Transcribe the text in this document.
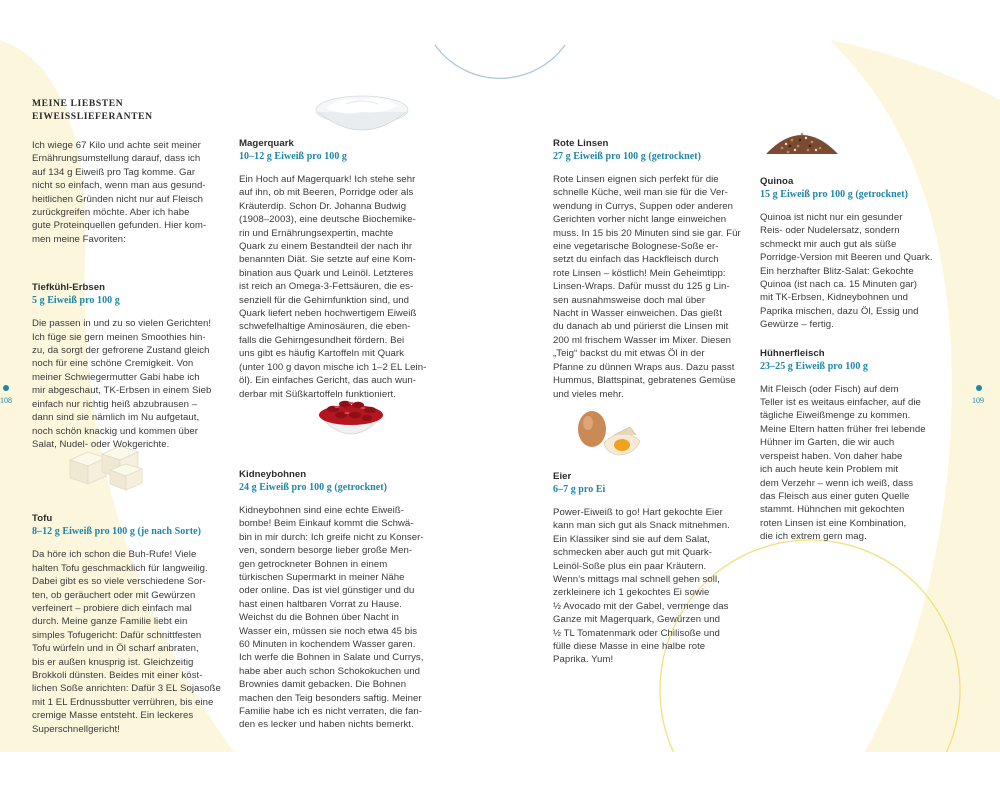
108	109
MEINE LIEBSTEN
EIWEISSLIEFERANTEN

Ich wiege 67 Kilo und achte seit meiner
Ernährungsumstellung darauf, dass ich
auf 134 g Eiweiß pro Tag komme. Gar
nicht so einfach, wenn man aus gesund-
heitlichen Gründen nicht nur auf Fleisch
zurückgreifen möchte. Aber ich habe
gute Proteinquellen gefunden. Hier kom-
men meine Favoriten:

Tiefkühl-Erbsen
5 g Eiweiß pro 100 g

Die passen in und zu so vielen Gerichten!
Ich füge sie gern meinen Smoothies hin-
zu, da sorgt der gefrorene Zustand gleich
noch für eine schöne Cremigkeit. Von
meiner Schwiegermutter Gabi habe ich
mir abgeschaut, TK-Erbsen in einem Sieb
einfach nur richtig heiß abzubrausen –
dann sind sie nämlich im Nu aufgetaut,
noch schön knackig und kommen über
Salat, Nudel- oder Wokgerichte.

Tofu
8–12 g Eiweiß pro 100 g (je nach Sorte)

Da höre ich schon die Buh-Rufe! Viele
halten Tofu geschmacklich für langweilig.
Dabei gibt es so viele verschiedene Sor-
ten, ob geräuchert oder mit Gewürzen
verfeinert – probiere dich einfach mal
durch. Meine ganze Familie liebt ein
simples Tofugericht: Dafür schnittfesten
Tofu würfeln und in Öl scharf anbraten,
bis er außen knusprig ist. Gleichzeitig
Brokkoli dünsten. Beides mit einer köst-
lichen Soße anrichten: Dafür 3 EL Sojasoße
mit 1 EL Erdnussbutter verrühren, bis eine
cremige Masse entsteht. Ein leckeres
Superschnellgericht!

Magerquark
10–12 g Eiweiß pro 100 g

Ein Hoch auf Magerquark! Ich stehe sehr
auf ihn, ob mit Beeren, Porridge oder als
Kräuterdip. Schon Dr. Johanna Budwig
(1908–2003), eine deutsche Biochemike-
rin und Ernährungsexpertin, machte
Quark zu einem Bestandteil der nach ihr
benannten Diät. Sie setzte auf eine Kom-
bination aus Quark und Leinöl. Letzteres
ist reich an Omega-3-Fettsäuren, die es-
senziell für die Gehirnfunktion sind, und
Quark liefert neben hochwertigem Eiweiß
schwefelhaltige Aminosäuren, die eben-
falls die Gehirngesundheit fördern. Bei
uns gibt es häufig Kartoffeln mit Quark
(unter 100 g davon mische ich 1–2 EL Lein-
öl). Ein einfaches Gericht, das auch wun-
derbar mit Süßkartoffeln funktioniert.

Kidneybohnen
24 g Eiweiß pro 100 g (getrocknet)

Kidneybohnen sind eine echte Eiweiß-
bombe! Beim Einkauf kommt die Schwä-
bin in mir durch: Ich greife nicht zu Konser-
ven, sondern besorge lieber große Men-
gen getrockneter Bohnen in einem
türkischen Supermarkt in meiner Nähe
oder online. Das ist viel günstiger und du
hast einen haltbaren Vorrat zu Hause.
Weichst du die Bohnen über Nacht in
Wasser ein, müssen sie noch etwa 45 bis
60 Minuten in kochendem Wasser garen.
Ich werfe die Bohnen in Salate und Currys,
habe aber auch schon Schokokuchen und
Brownies damit gebacken. Die Bohnen
machen den Teig besonders saftig. Meiner
Familie habe ich es nicht verraten, die fan-
den es lecker und haben nichts bemerkt.

Rote Linsen
27 g Eiweiß pro 100 g (getrocknet)

Rote Linsen eignen sich perfekt für die
schnelle Küche, weil man sie für die Ver-
wendung in Currys, Suppen oder anderen
Gerichten vorher nicht lange einweichen
muss. In 15 bis 20 Minuten sind sie gar. Für
eine vegetarische Bolognese-Soße er-
setzt du einfach das Hackfleisch durch
rote Linsen – köstlich! Mein Geheimtipp:
Linsen-Wraps. Dafür musst du 125 g Lin-
sen ausnahmsweise doch mal über
Nacht in Wasser einweichen. Das gießt
du danach ab und pürierst die Linsen mit
200 ml frischem Wasser im Mixer. Diesen
„Teig“ backst du mit etwas Öl in der
Pfanne zu dünnen Wraps aus. Dazu passt
Hummus, Blattspinat, gebratenes Gemüse
und vieles mehr.

Eier
6–7 g pro Ei

Power-Eiweiß to go! Hart gekochte Eier
kann man sich gut als Snack mitnehmen.
Ein Klassiker sind sie auf dem Salat,
schmecken aber auch gut mit Quark-
Leinöl-Soße plus ein paar Kräutern.
Wenn’s mittags mal schnell gehen soll,
zerkleinere ich 1 gekochtes Ei sowie
½ Avocado mit der Gabel, vermenge das
Ganze mit Magerquark, Gewürzen und
½ TL Tomatenmark oder Chilisoße und
fülle diese Masse in eine halbe rote
Paprika. Yum!

Quinoa
15 g Eiweiß pro 100 g (getrocknet)

Quinoa ist nicht nur ein gesunder
Reis- oder Nudelersatz, sondern
schmeckt mir auch gut als süße
Porridge-Version mit Beeren und Quark.
Ein herzhafter Blitz-Salat: Gekochte
Quinoa (ist nach ca. 15 Minuten gar)
mit TK-Erbsen, Kidneybohnen und
Paprika mischen, dazu Öl, Essig und
Gewürze – fertig.

Hühnerfleisch
23–25 g Eiweiß pro 100 g

Mit Fleisch (oder Fisch) auf dem
Teller ist es weitaus einfacher, auf die
tägliche Eiweißmenge zu kommen.
Meine Eltern hatten früher frei lebende
Hühner im Garten, die wir auch
verspeist haben. Von daher habe
ich auch heute kein Problem mit
dem Verzehr – wenn ich weiß, dass
das Fleisch aus einer guten Quelle
stammt. Hühnchen mit gekochten
roten Linsen ist eine Kombination,
die ich extrem gern mag.
